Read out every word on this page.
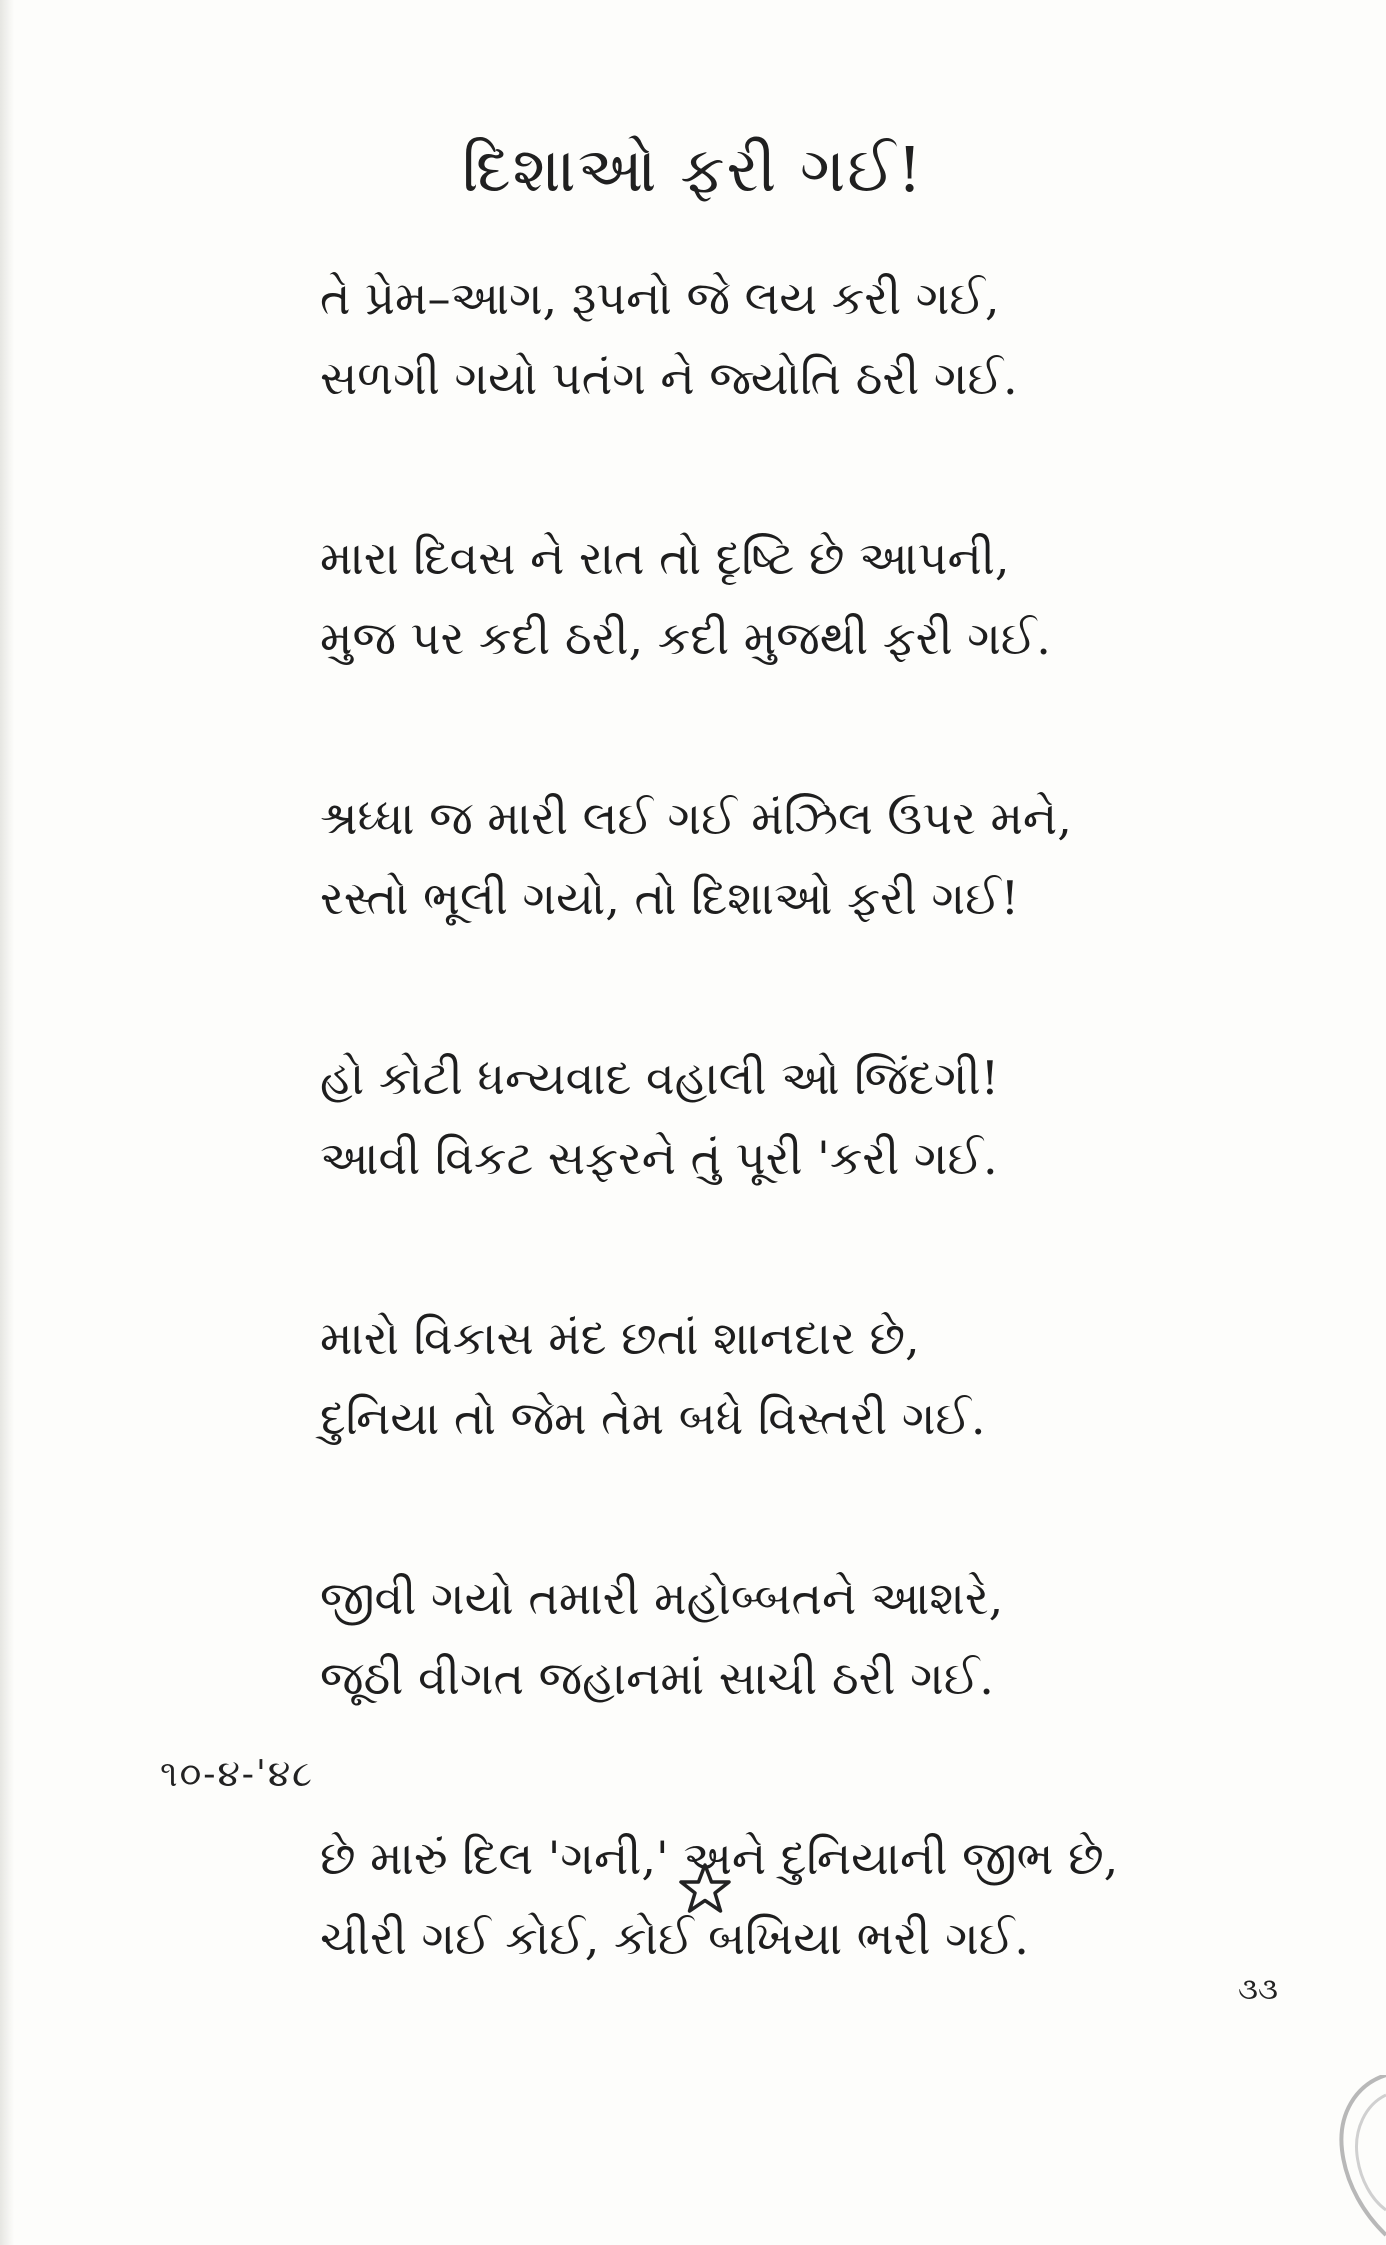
દિશાઓ ફરી ગઈ!
તે પ્રેમ–આગ, રૂપનો જે લય કરી ગઈ,
સળગી ગયો પતંગ ને જ્યોતિ ઠરી ગઈ.
મારા દિવસ ને રાત તો દૃષ્ટિ છે આપની,
મુજ પર કદી ઠરી, કદી મુજથી ફરી ગઈ.
શ્રધ્ધા જ મારી લઈ ગઈ મંઝિલ ઉપર મને,
રસ્તો ભૂલી ગયો, તો દિશાઓ ફરી ગઈ!
હો કોટી ધન્યવાદ વહાલી ઓ જિંદગી!
આવી વિકટ સફરને તું પૂરી 'કરી ગઈ.
મારો વિકાસ મંદ છતાં શાનદાર છે,
દુનિયા તો જેમ તેમ બધે વિસ્તરી ગઈ.
જીવી ગયો તમારી મહોબ્બતને આશરે,
જૂઠી વીગત જહાનમાં સાચી ઠરી ગઈ.
છે મારું દિલ 'ગની,' અને દુનિયાની જીભ છે,
ચીરી ગઈ કોઈ, કોઈ બખિયા ભરી ગઈ.
૧૦-૪-'૪૮
૩૩
